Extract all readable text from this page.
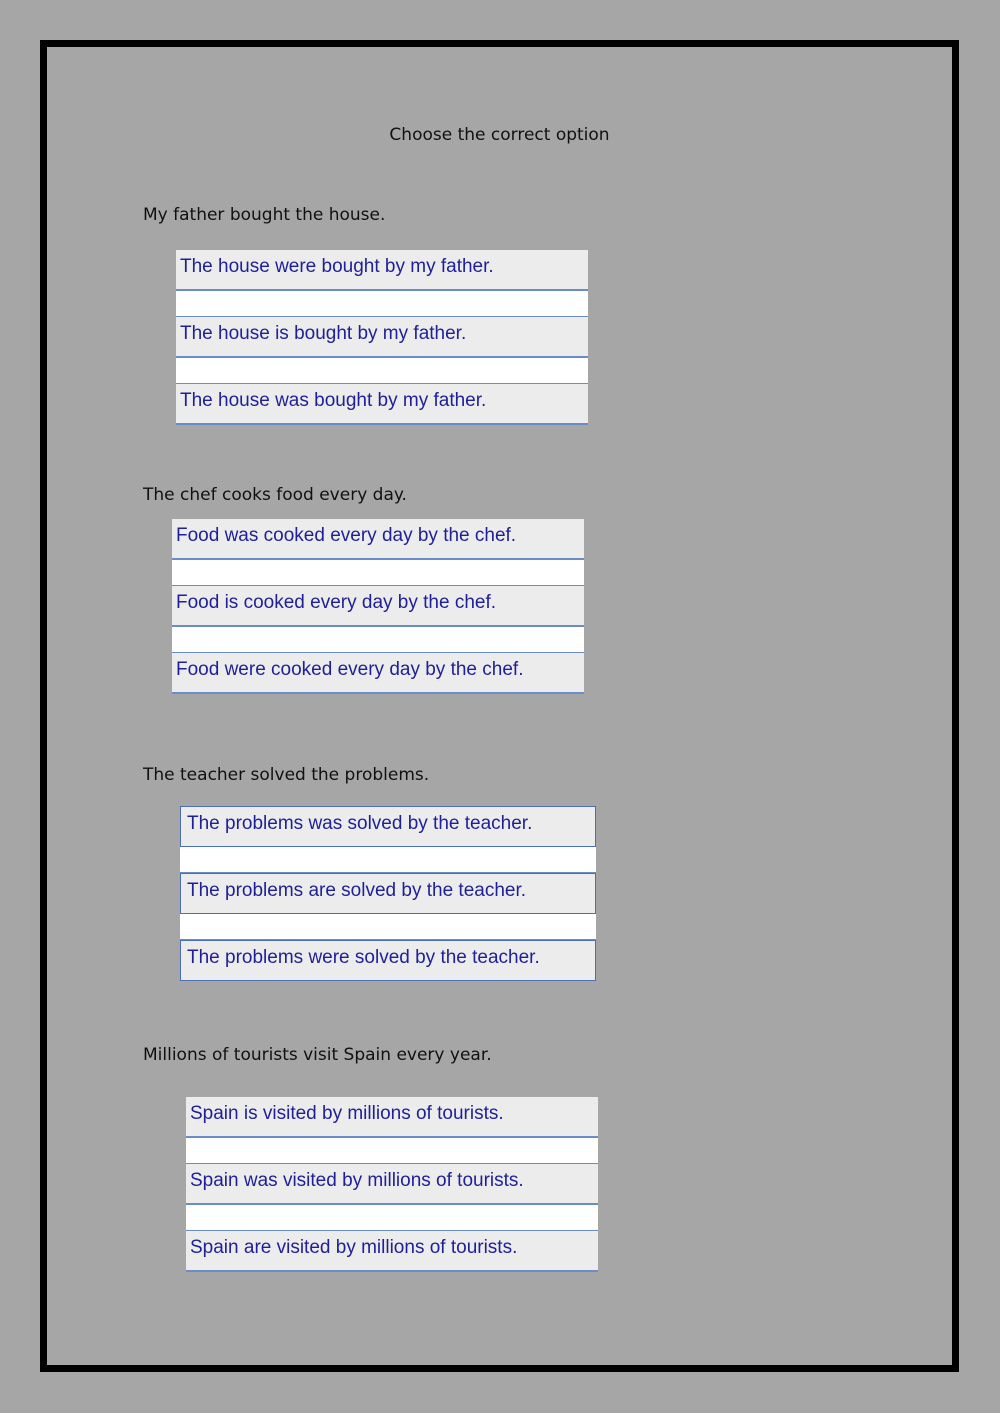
Choose the correct option
My father bought the house.
The house were bought by my father.
The house is bought by my father.
The house was bought by my father.
The chef cooks food every day.
Food was cooked every day by the chef.
Food is cooked every day by the chef.
Food were cooked every day by the chef.
The teacher solved the problems.
The problems was solved by the teacher.
The problems are solved by the teacher.
The problems were solved by the teacher.
Millions of tourists visit Spain every year.
Spain is visited by millions of tourists.
Spain was visited by millions of tourists.
Spain are visited by millions of tourists.
